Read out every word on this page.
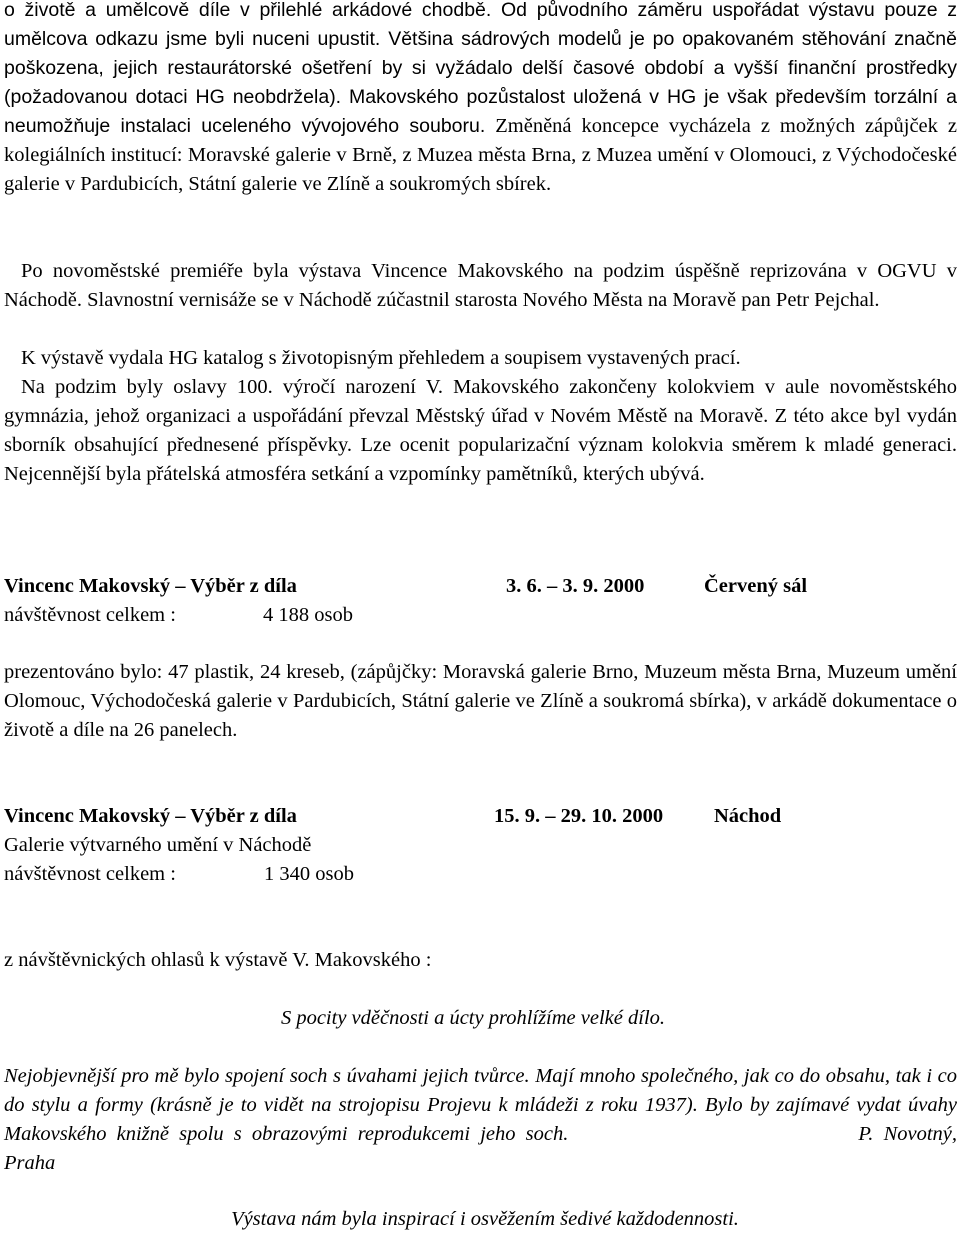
o životě a umělcově díle v přilehlé arkádové chodbě. Od původního záměru uspořádat výstavu pouze z umělcova odkazu jsme byli nuceni upustit. Většina sádrových modelů je po opakovaném stěhování značně poškozena, jejich restaurátorské ošetření by si vyžádalo delší časové období a vyšší finanční prostředky (požadovanou dotaci HG neobdržela). Makovského pozůstalost uložená v HG je však především torzální a neumožňuje instalaci uceleného vývojového souboru. Změněná koncepce vycházela z možných zápůjček z kolegiálních institucí: Moravské galerie v Brně, z Muzea města Brna, z Muzea umění v Olomouci, z Východočeské galerie v Pardubicích, Státní galerie ve Zlíně a soukromých sbírek.

Po novoměstské premiéře byla výstava Vincence Makovského na podzim úspěšně reprizována v OGVU v Náchodě. Slavnostní vernisáže se v Náchodě zúčastnil starosta Nového Města na Moravě pan Petr Pejchal.

K výstavě vydala HG katalog s životopisným přehledem a soupisem vystavených prací.

Na podzim byly oslavy 100. výročí narození V. Makovského zakončeny kolokviem v aule novoměstského gymnázia, jehož organizaci a uspořádání převzal Městský úřad v Novém Městě na Moravě. Z této akce byl vydán sborník obsahující přednesené příspěvky. Lze ocenit popularizační význam kolokvia směrem k mladé generaci. Nejcennější byla přátelská atmosféra setkání a vzpomínky pamětníků, kterých ubývá.

Vincenc Makovský – Výběr z díla	3. 6. – 3. 9. 2000	Červený sál
návštěvnost celkem :	4 188 osob

prezentováno bylo: 47 plastik, 24 kreseb, (zápůjčky: Moravská galerie Brno, Muzeum města Brna, Muzeum umění Olomouc, Východočeská galerie v Pardubicích, Státní galerie ve Zlíně a soukromá sbírka), v arkádě dokumentace o životě a díle na 26 panelech.

Vincenc Makovský – Výběr z díla	15. 9. – 29. 10. 2000 Náchod
Galerie výtvarného umění v Náchodě
návštěvnost celkem :	1 340 osob
z návštěvnických ohlasů k výstavě V. Makovského :
S pocity vděčnosti a úcty prohlížíme velké dílo.

Nejobjevnější pro mě bylo spojení soch s úvahami jejich tvůrce. Mají mnoho společného, jak co do obsahu, tak i co do stylu a formy (krásně je to vidět na strojopisu Projevu k mládeži z roku 1937). Bylo by zajímavé vydat úvahy Makovského knižně spolu s obrazovými reprodukcemi jeho soch.	P. Novotný, Praha

Výstava nám byla inspirací i osvěžením šedivé každodennosti.
